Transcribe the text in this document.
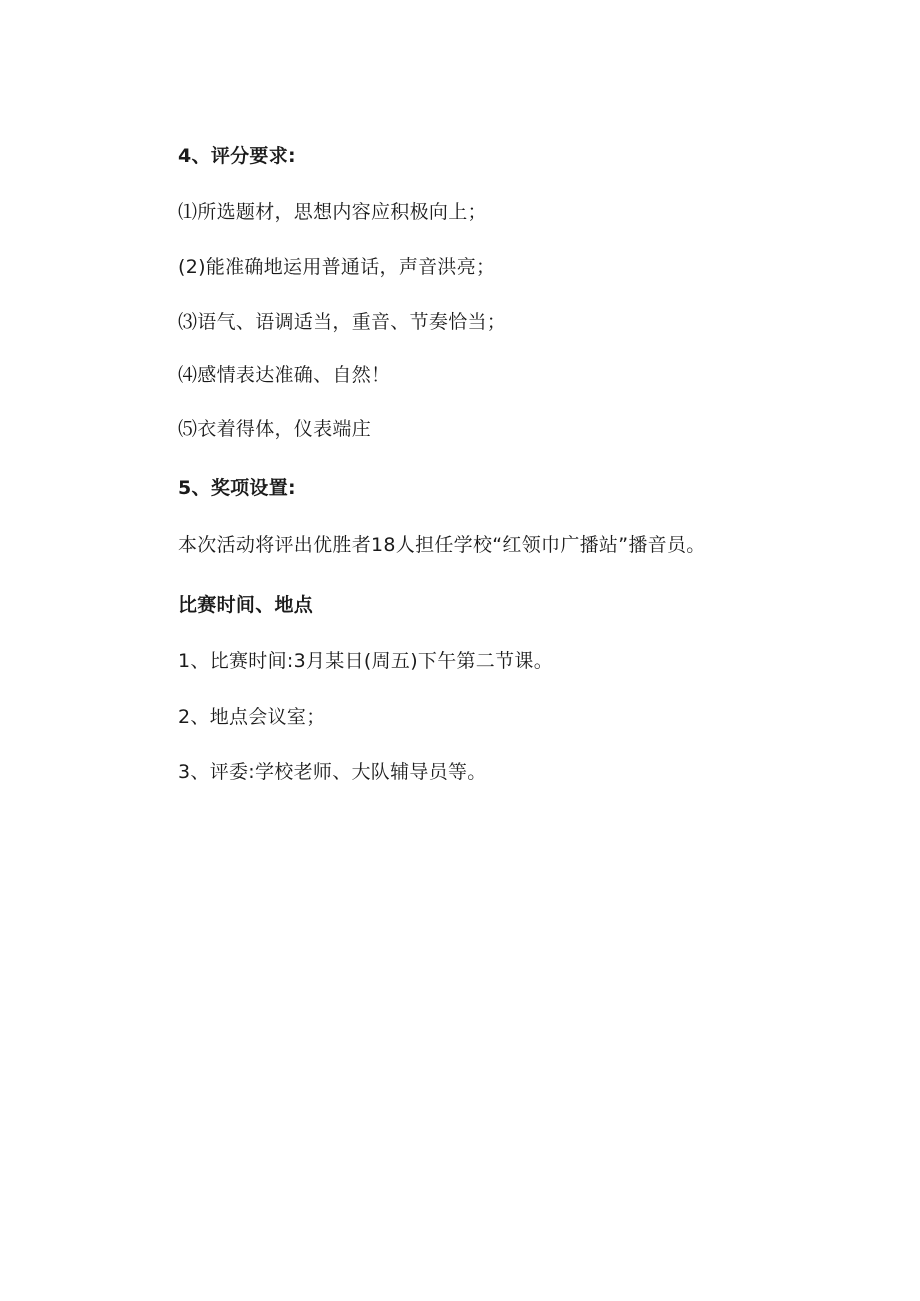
4、评分要求:
⑴所选题材，思想内容应积极向上；
(2)能准确地运用普通话，声音洪亮；
⑶语气、语调适当，重音、节奏恰当；
⑷感情表达准确、自然！
⑸衣着得体，仪表端庄
5、奖项设置:
本次活动将评出优胜者18人担任学校“红领巾广播站”播音员。
比赛时间、地点
1、比赛时间:3月某日(周五)下午第二节课。
2、地点会议室；
3、评委:学校老师、大队辅导员等。
